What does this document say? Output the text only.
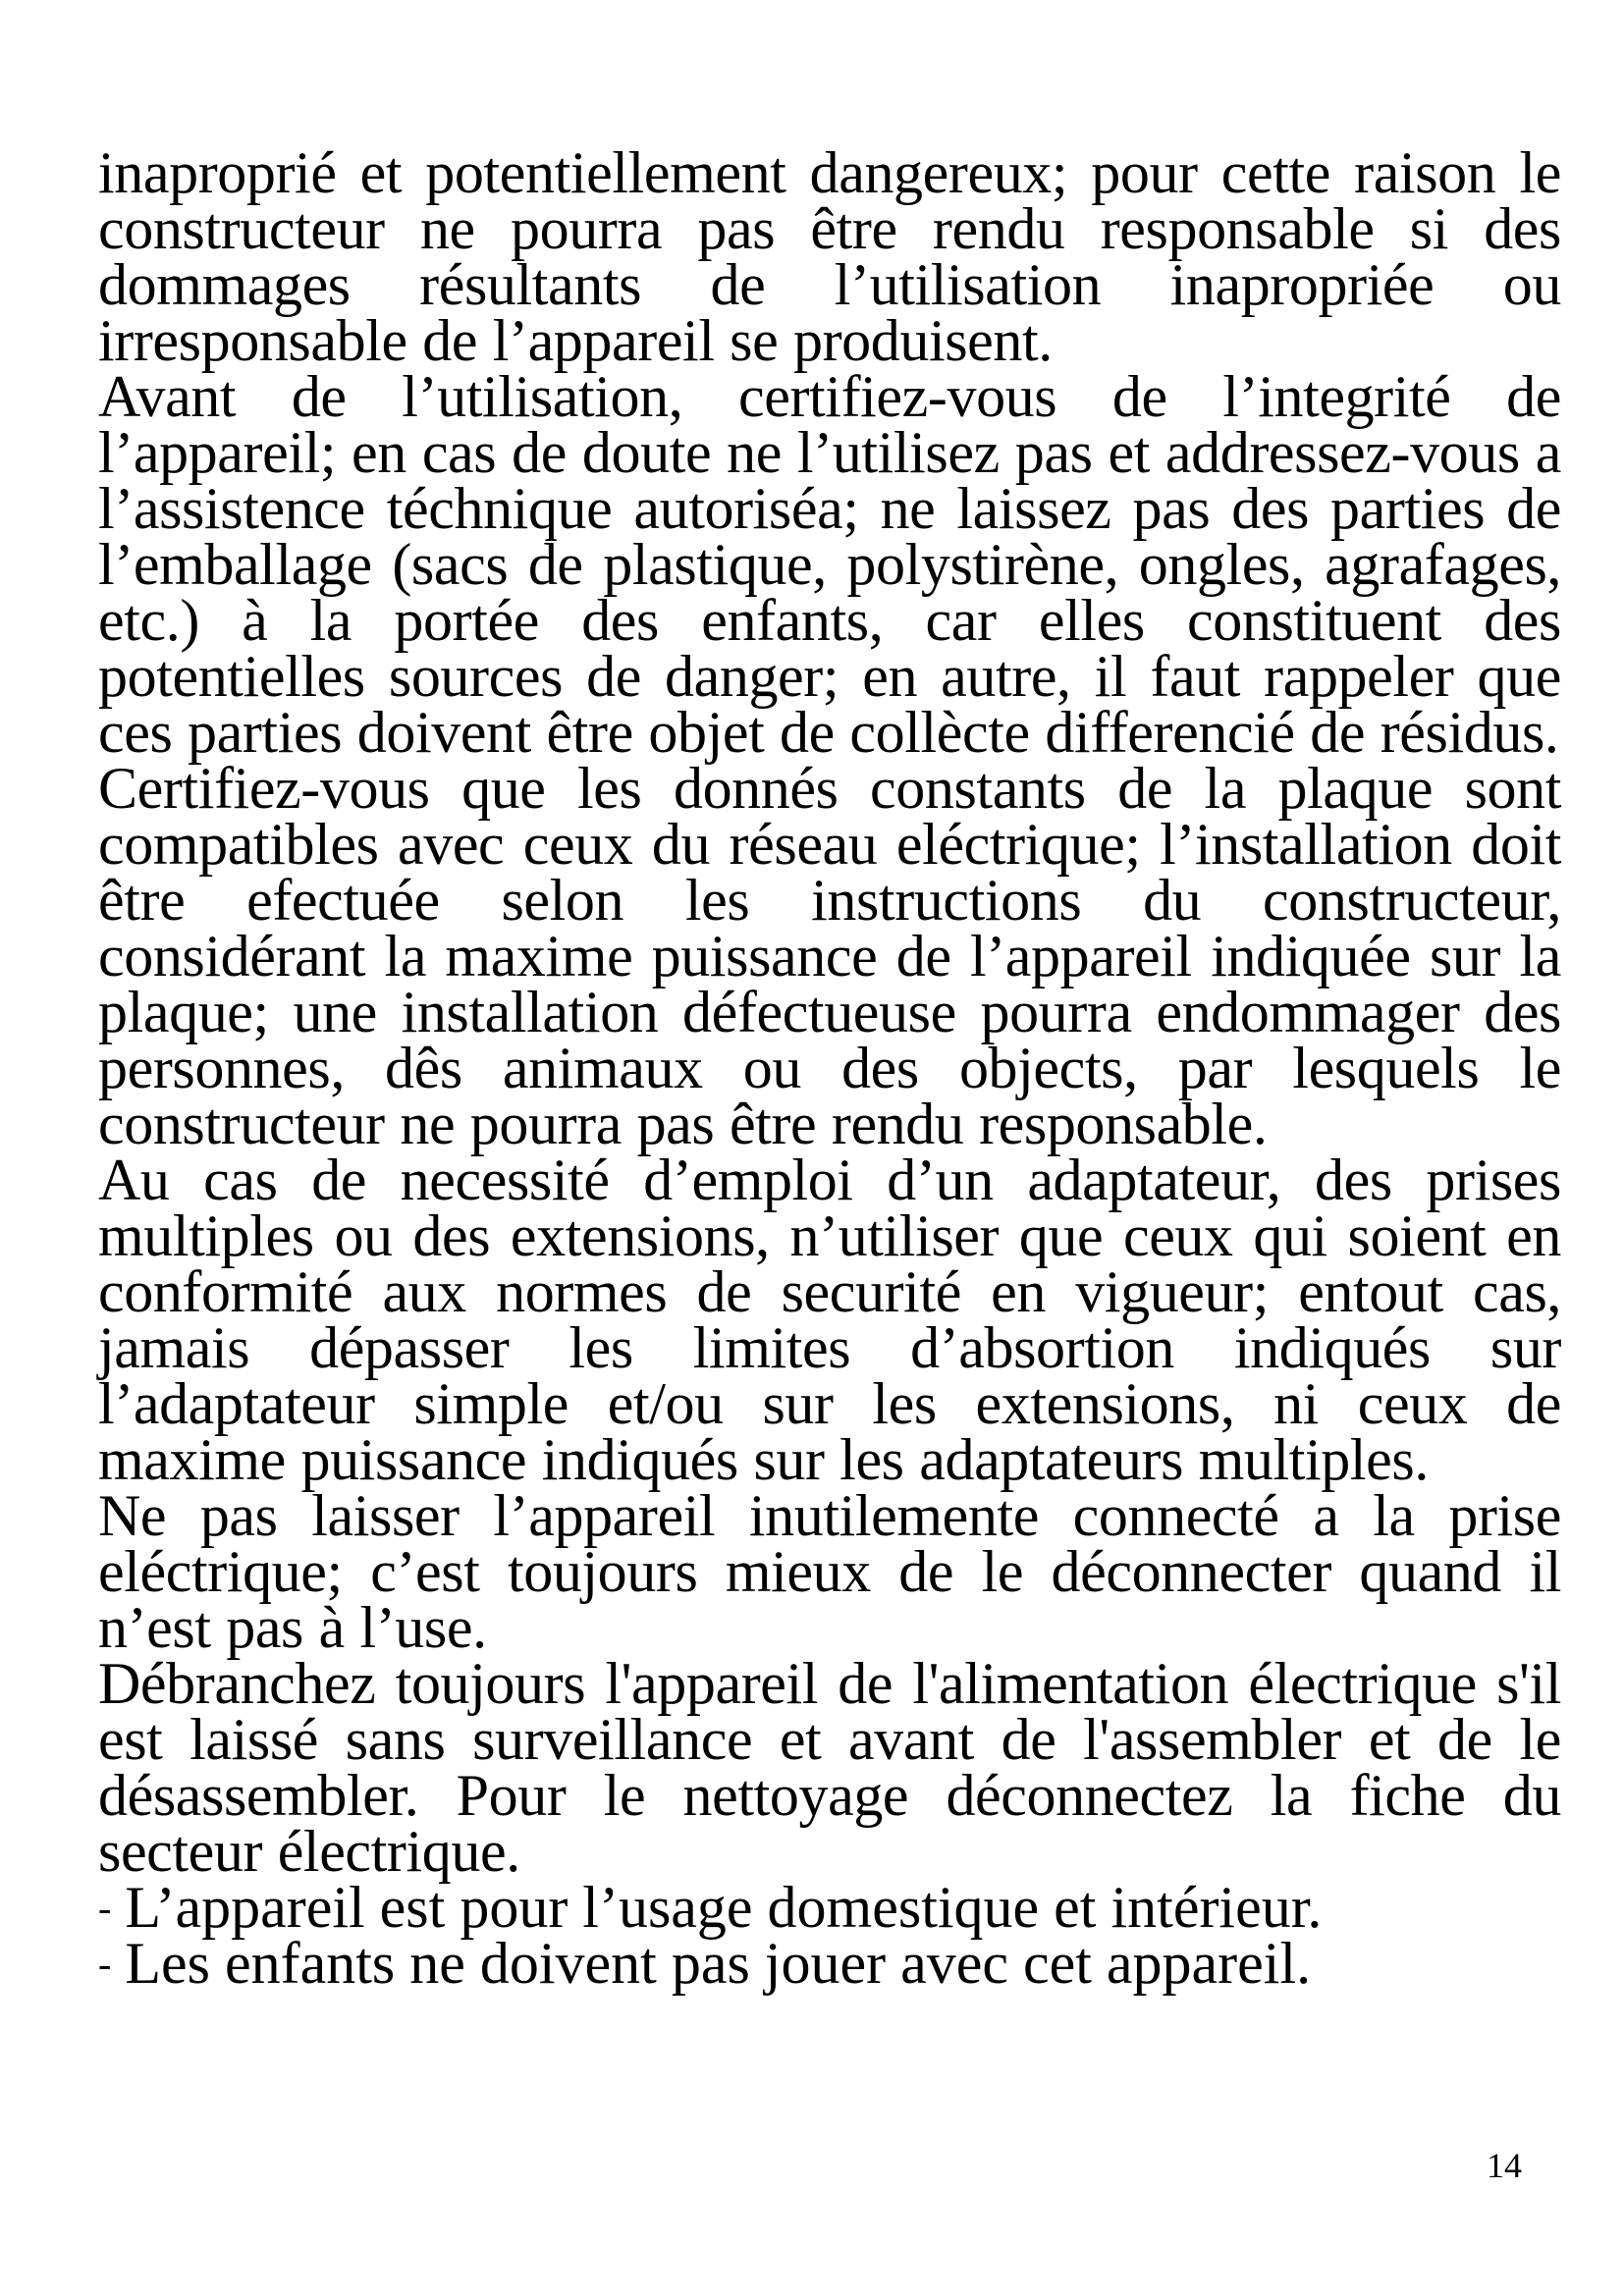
inaproprié et potentiellement dangereux; pour cette raison le constructeur ne pourra pas être rendu responsable si des dommages résultants de l’utilisation inapropriée ou irresponsable de l’appareil se produisent.

Avant de l’utilisation, certifiez-vous de l’integrité de l’appareil; en cas de doute ne l’utilisez pas et addressez-vous a l’assistence téchnique autoriséa; ne laissez pas des parties de l’emballage (sacs de plastique, polystirène, ongles, agrafages, etc.) à la portée des enfants, car elles constituent des potentielles sources de danger; en autre, il faut rappeler que ces parties doivent être objet de collècte differencié de résidus.

Certifiez-vous que les donnés constants de la plaque sont compatibles avec ceux du réseau eléctrique; l’installation doit être efectuée selon les instructions du constructeur, considérant la maxime puissance de l’appareil indiquée sur la plaque; une installation défectueuse pourra endommager des personnes, dês animaux ou des objects, par lesquels le constructeur ne pourra pas être rendu responsable.

Au cas de necessité d’emploi d’un adaptateur, des prises multiples ou des extensions, n’utiliser que ceux qui soient en conformité aux normes de securité en vigueur; entout cas, jamais dépasser les limites d’absortion indiqués sur l’adaptateur simple et/ou sur les extensions, ni ceux de maxime puissance indiqués sur les adaptateurs multiples.

Ne pas laisser l’appareil inutilemente connecté a la prise eléctrique; c’est toujours mieux de le déconnecter quand il n’est pas à l’use.

Débranchez toujours l'appareil de l'alimentation électrique s'il est laissé sans surveillance et avant de l'assembler et de le désassembler. Pour le nettoyage déconnectez la fiche du secteur électrique.

- L’appareil est pour l’usage domestique et intérieur.

- Les enfants ne doivent pas jouer avec cet appareil.

14
